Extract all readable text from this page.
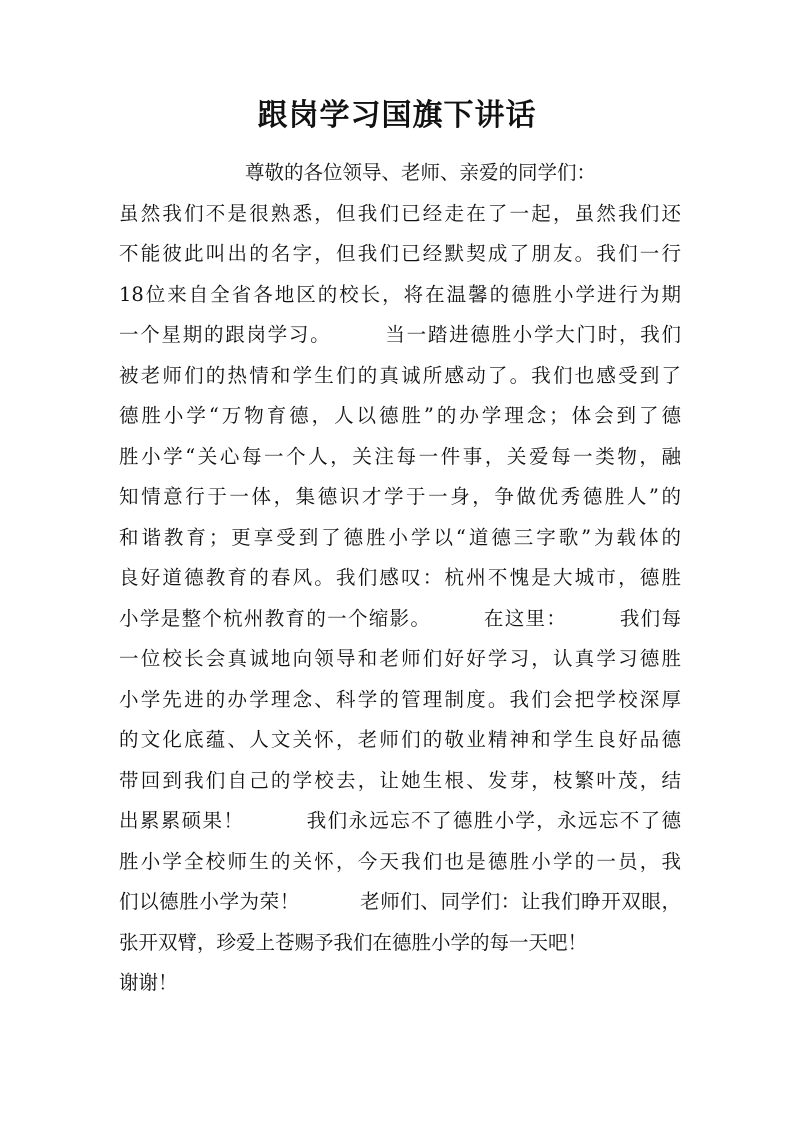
跟岗学习国旗下讲话
尊敬的各位领导、老师、亲爱的同学们：
虽然我们不是很熟悉，但我们已经走在了一起，虽然我们还
不能彼此叫出的名字，但我们已经默契成了朋友。我们一行
18位来自全省各地区的校长，将在温馨的德胜小学进行为期
一个星期的跟岗学习。　　　当一踏进德胜小学大门时，我们
被老师们的热情和学生们的真诚所感动了。我们也感受到了
德胜小学“万物育德，人以德胜”的办学理念；体会到了德
胜小学“关心每一个人，关注每一件事，关爱每一类物，融
知情意行于一体，集德识才学于一身，争做优秀德胜人”的
和谐教育；更享受到了德胜小学以“道德三字歌”为载体的
良好道德教育的春风。我们感叹：杭州不愧是大城市，德胜
小学是整个杭州教育的一个缩影。　　　在这里：　　　我们每
一位校长会真诚地向领导和老师们好好学习，认真学习德胜
小学先进的办学理念、科学的管理制度。我们会把学校深厚
的文化底蕴、人文关怀，老师们的敬业精神和学生良好品德
带回到我们自己的学校去，让她生根、发芽，枝繁叶茂，结
出累累硕果！　　　我们永远忘不了德胜小学，永远忘不了德
胜小学全校师生的关怀，今天我们也是德胜小学的一员，我
们以德胜小学为荣！　　　老师们、同学们：让我们睁开双眼，
张开双臂，珍爱上苍赐予我们在德胜小学的每一天吧！
谢谢！
